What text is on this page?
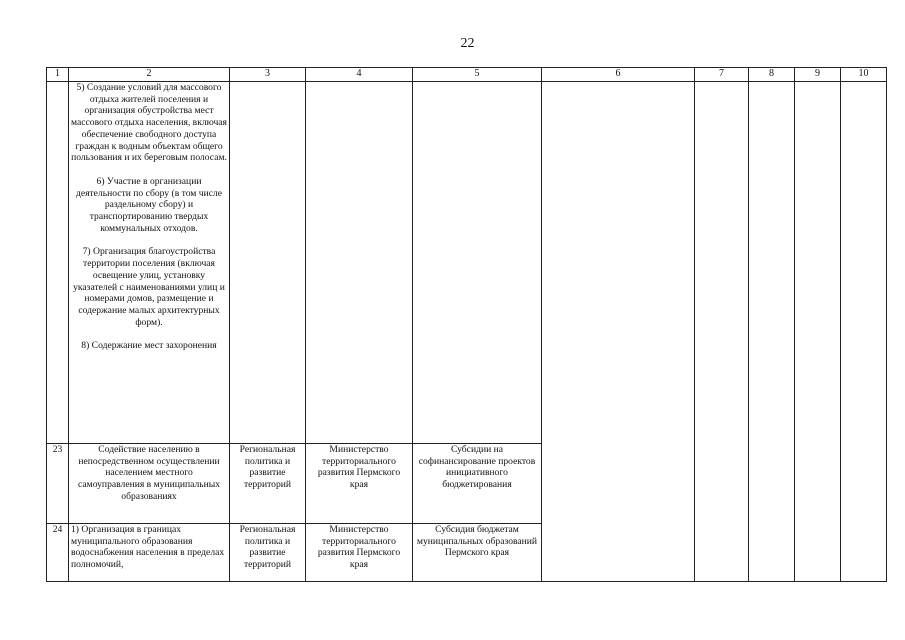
22
1	2	3	4	5	6	7	8	9	10

	5) Создание условий для массового отдыха жителей поселения и организация обустройства мест массового отдыха населения, включая обеспечение свободного доступа граждан к водным объектам общего пользования и их береговым полосам.

6) Участие в организации деятельности по сбору (в том числе раздельному сбору) и транспортированию твердых коммунальных отходов.

7) Организация благоустройства территории поселения (включая освещение улиц, установку указателей с наименованиями улиц и номерами домов, размещение и содержание малых архитектурных форм).

8) Содержание мест захоронения								

23	Содействие населению в непосредственном осуществлении населением местного самоуправления в муниципальных образованиях	Региональная политика и развитие территорий	Министерство территориального развития Пермского края	Субсидии на софинансирование проектов инициативного бюджетирования					
24	1) Организация в границах муниципального образования водоснабжения населения в пределах полномочий,	Региональная политика и развитие территорий	Министерство территориального развития Пермского края	Субсидия бюджетам муниципальных образований Пермского края					
